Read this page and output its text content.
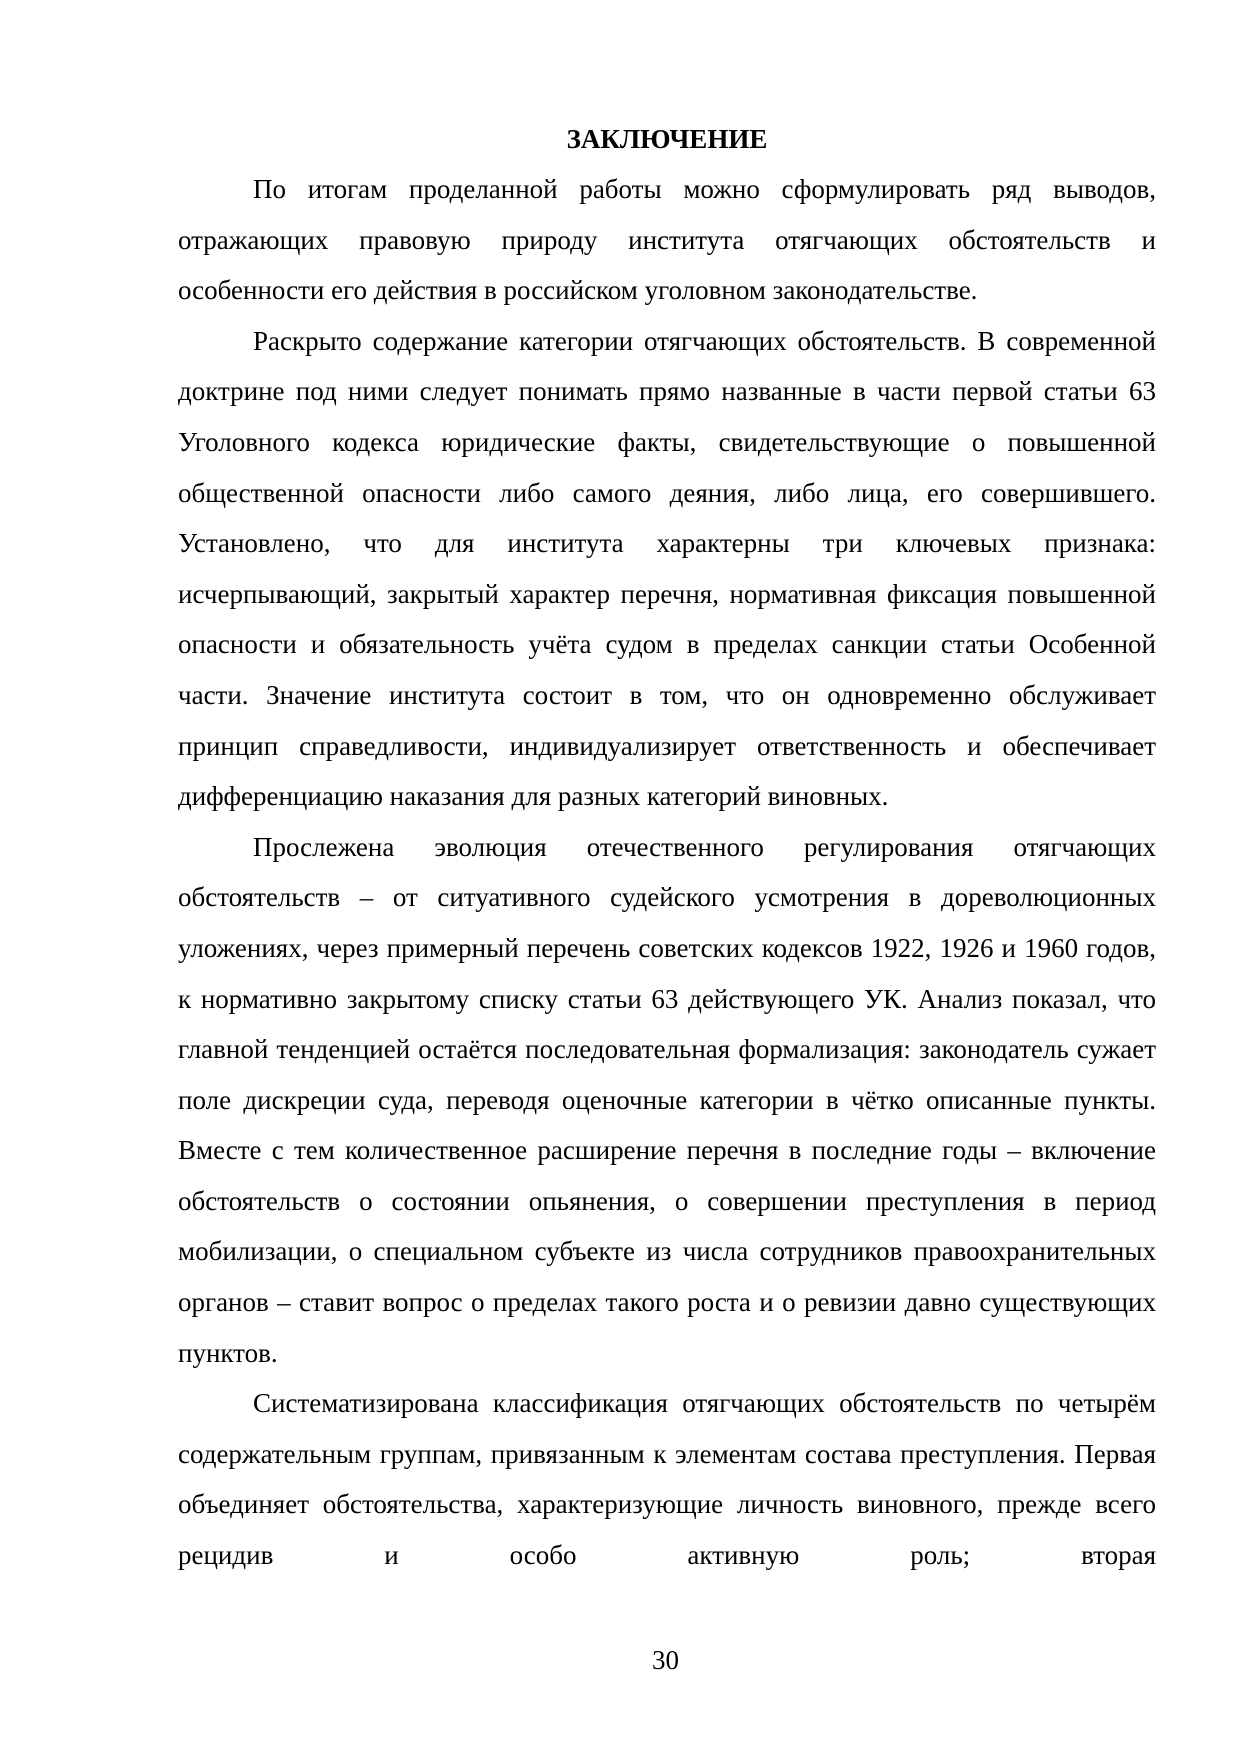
ЗАКЛЮЧЕНИЕ

По итогам проделанной работы можно сформулировать ряд выводов, отражающих правовую природу института отягчающих обстоятельств и особенности его действия в российском уголовном законодательстве.

Раскрыто содержание категории отягчающих обстоятельств. В современной доктрине под ними следует понимать прямо названные в части первой статьи 63 Уголовного кодекса юридические факты, свидетельствующие о повышенной общественной опасности либо самого деяния, либо лица, его совершившего. Установлено, что для института характерны три ключевых признака: исчерпывающий, закрытый характер перечня, нормативная фиксация повышенной опасности и обязательность учёта судом в пределах санкции статьи Особенной части. Значение института состоит в том, что он одновременно обслуживает принцип справедливости, индивидуализирует ответственность и обеспечивает дифференциацию наказания для разных категорий виновных.

Прослежена эволюция отечественного регулирования отягчающих обстоятельств – от ситуативного судейского усмотрения в дореволюционных уложениях, через примерный перечень советских кодексов 1922, 1926 и 1960 годов, к нормативно закрытому списку статьи 63 действующего УК. Анализ показал, что главной тенденцией остаётся последовательная формализация: законодатель сужает поле дискреции суда, переводя оценочные категории в чётко описанные пункты. Вместе с тем количественное расширение перечня в последние годы – включение обстоятельств о состоянии опьянения, о совершении преступления в период мобилизации, о специальном субъекте из числа сотрудников правоохранительных органов – ставит вопрос о пределах такого роста и о ревизии давно существующих пунктов.

Систематизирована классификация отягчающих обстоятельств по четырём содержательным группам, привязанным к элементам состава преступления. Первая объединяет обстоятельства, характеризующие личность виновного, прежде всего рецидив и особо активную роль; вторая

30
